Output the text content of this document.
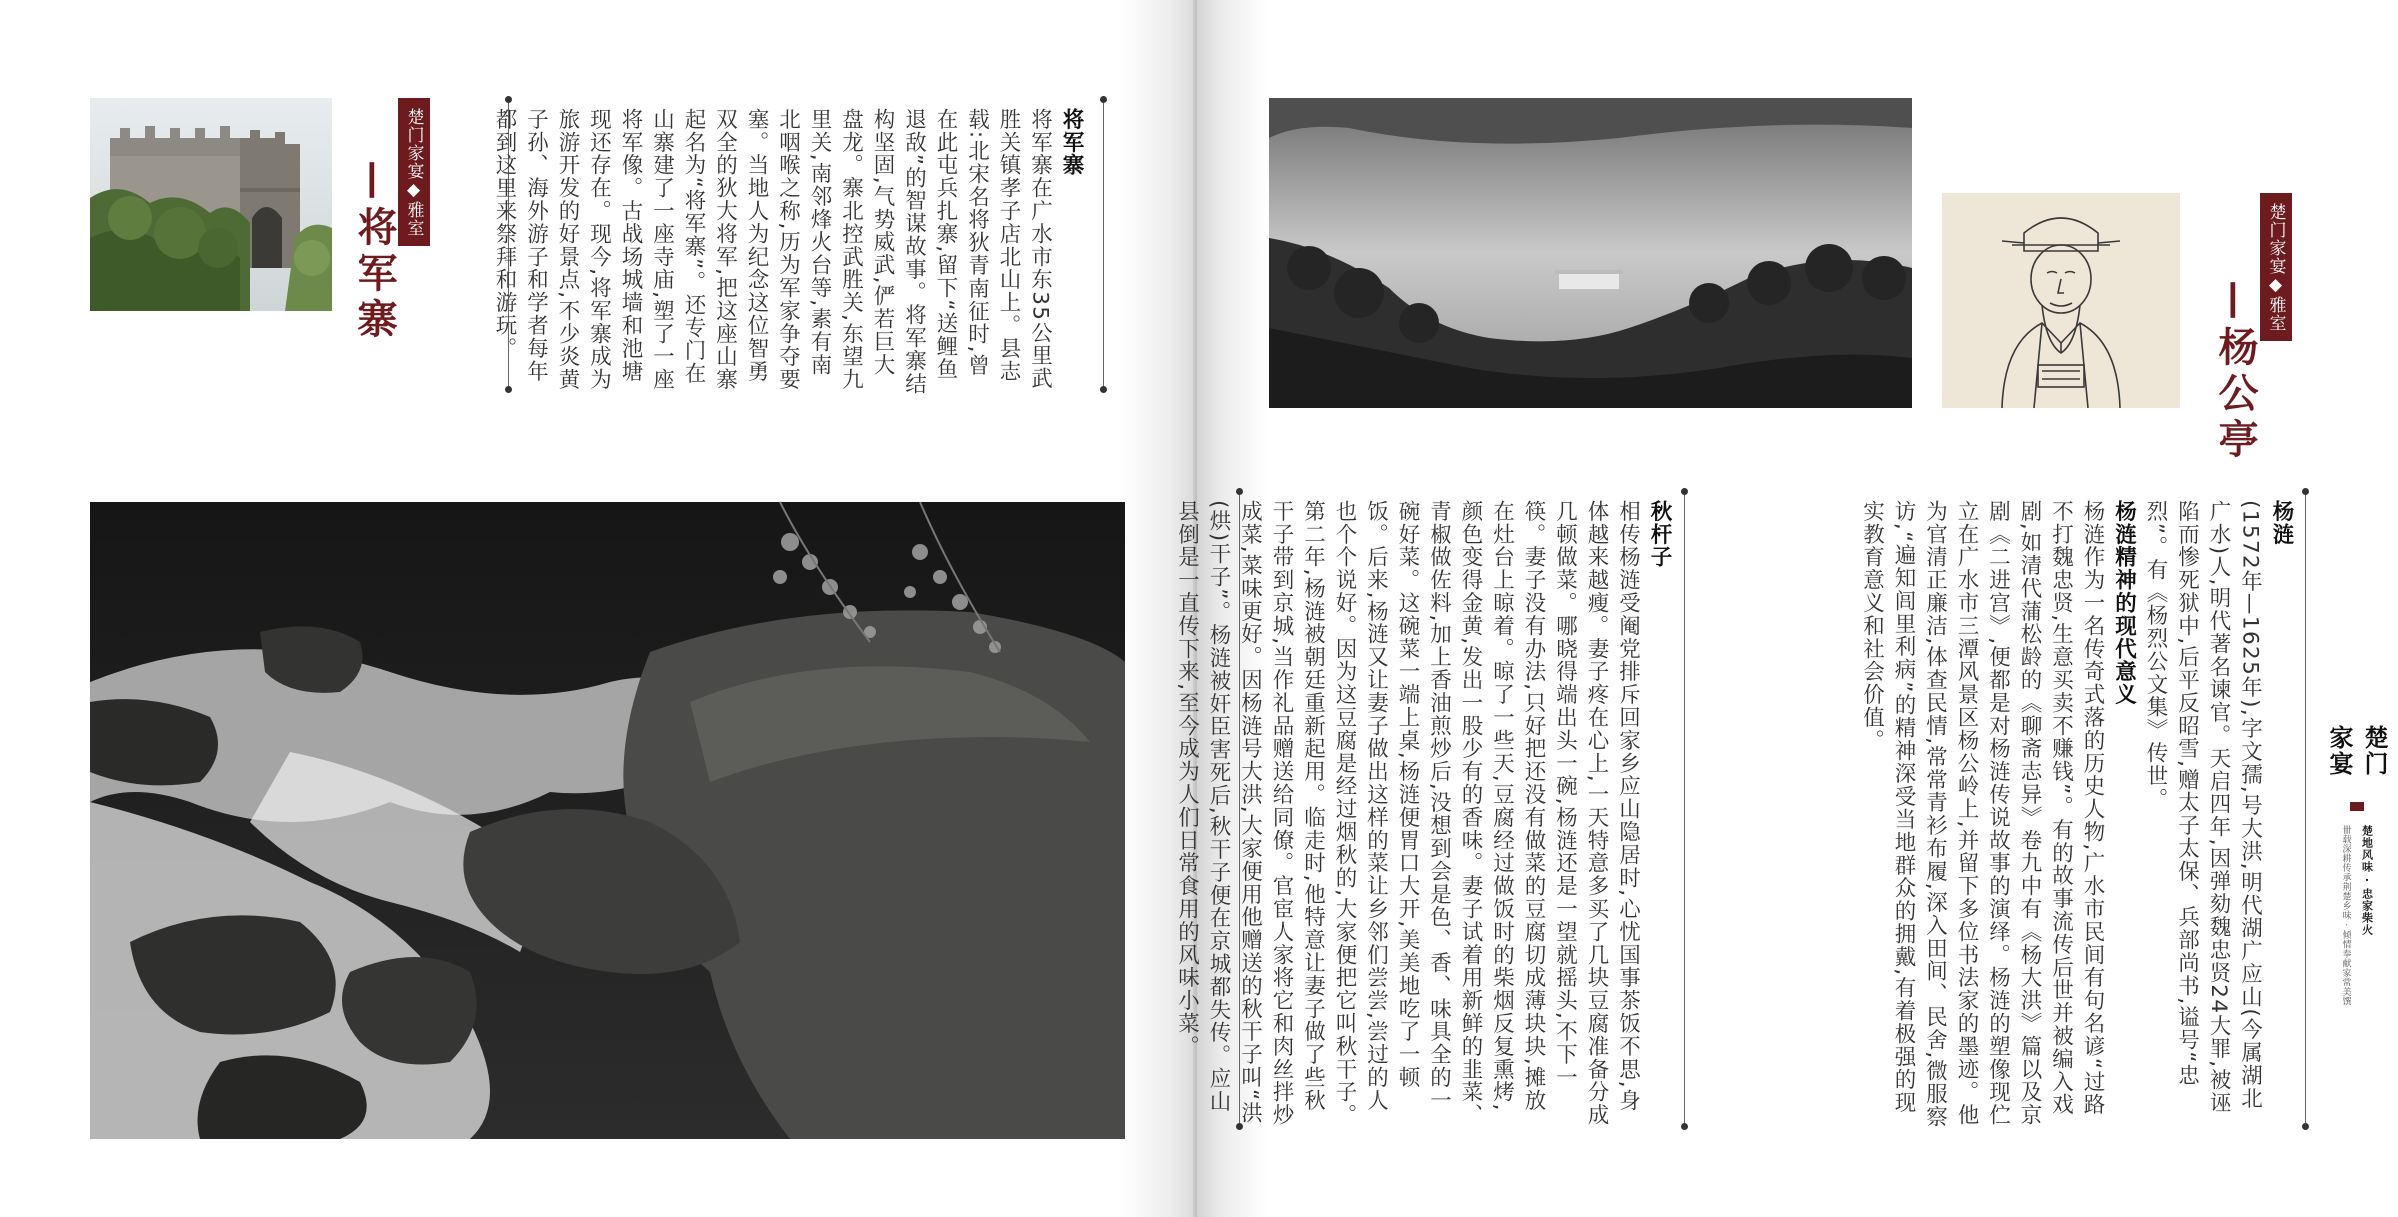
楚门家宴◆雅室
—将军寨

将军寨

将军寨在广水市东35公里武胜关镇孝子店北山上。县志载:北宋名将狄青南征时,曾在此屯兵扎寨,留下“送鲤鱼退敌”的智谋故事。将军寨结构坚固,气势威武,俨若巨大盘龙。寨北控武胜关,东望九里关,南邻烽火台等,素有南北咽喉之称,历为军家争夺要塞。当地人为纪念这位智勇双全的狄大将军,把这座山寨起名为“将军寨”。还专门在山寨建了一座寺庙,塑了一座将军像。古战场城墙和池塘现还存在。现今,将军寨成为旅游开发的好景点,不少炎黄子孙、海外游子和学者每年都到这里来祭拜和游玩。	楚门家宴◆雅室
—杨公亭

杨涟

(1572年—1625年),字文孺,号大洪,明代湖广应山(今属湖北广水)人,明代著名谏官。天启四年,因弹劾魏忠贤24大罪,被诬陷而惨死狱中,后平反昭雪,赠太子太保、兵部尚书,谥号“忠烈”。有《杨烈公文集》传世。

杨涟精神的现代意义

杨涟作为一名传奇式落的历史人物,广水市民间有句名谚“过路不打魏忠贤,生意买卖不赚钱”。有的故事流传后世并被编入戏剧,如清代蒲松龄的《聊斋志异》卷九中有《杨大洪》篇以及京剧《二进宫》,便都是对杨涟传说故事的演绎。杨涟的塑像现伫立在广水市三潭风景区杨公岭上,并留下多位书法家的墨迹。他为官清正廉洁,体查民情,常常青衫布履,深入田间、民舍,微服察访,“遍知闾里利病”的精神深受当地群众的拥戴,有着极强的现实教育意义和社会价值。

秋杆子

相传杨涟受阉党排斥回家乡应山隐居时,心忧国事茶饭不思,身体越来越瘦。妻子疼在心上,一天特意多买了几块豆腐准备分成几顿做菜。哪晓得端出头一碗,杨涟还是一望就摇头,不下一筷。妻子没有办法,只好把还没有做菜的豆腐切成薄块块,摊放在灶台上晾着。晾了一些天,豆腐经过做饭时的柴烟反复熏烤,颜色变得金黄,发出一股少有的香味。妻子试着用新鲜的韭菜、青椒做佐料,加上香油煎炒后,没想到会是色、香、味具全的一碗好菜。这碗菜一端上桌,杨涟便胃口大开,美美地吃了一顿饭。后来,杨涟又让妻子做出这样的菜让乡邻们尝尝,尝过的人也个个说好。因为这豆腐是经过烟秋的,大家便把它叫秋干子。第二年,杨涟被朝廷重新起用。临走时,他特意让妻子做了些秋干子带到京城,当作礼品赠送给同僚。官宦人家将它和肉丝拌炒成菜,菜味更好。因杨涟号大洪,大家便用他赠送的秋干子叫“洪(烘)干子”。杨涟被奸臣害死后,秋干子便在京城都失传。应山县倒是一直传下来,至今成为人们日常食用的风味小菜。	楚门家宴
楚地风味 · 忠家柴火
卌载深耕传承荆楚乡味 · 倾情奉献家常美馔
